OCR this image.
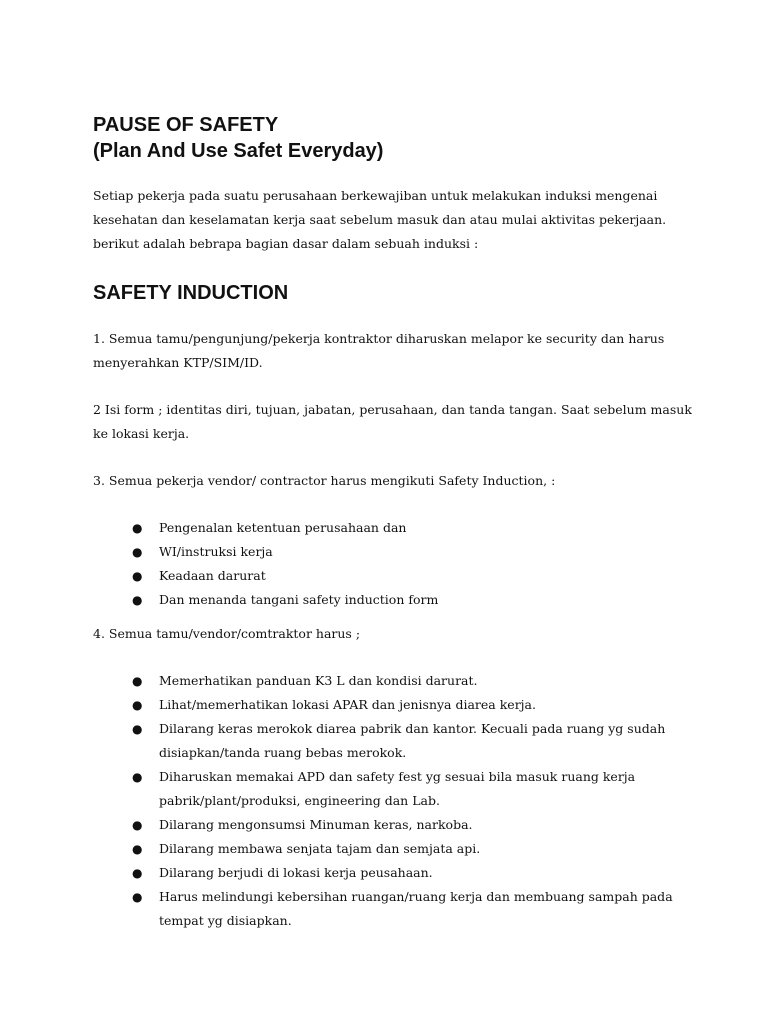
PAUSE OF SAFETY
(Plan And Use Safet Everyday)

Setiap pekerja pada suatu perusahaan berkewajiban untuk melakukan induksi mengenai kesehatan dan keselamatan kerja saat sebelum masuk dan atau mulai aktivitas pekerjaan. berikut adalah bebrapa bagian dasar dalam sebuah induksi :

SAFETY INDUCTION

1. Semua tamu/pengunjung/pekerja kontraktor diharuskan melapor ke security dan harus menyerahkan KTP/SIM/ID.

2 Isi form ; identitas diri, tujuan, jabatan, perusahaan, dan tanda tangan. Saat sebelum masuk ke lokasi kerja.

3. Semua pekerja vendor/ contractor harus mengikuti Safety Induction, :

● Pengenalan ketentuan perusahaan dan
● WI/instruksi kerja
● Keadaan darurat
● Dan menanda tangani safety induction form

4. Semua tamu/vendor/comtraktor harus ;

● Memerhatikan panduan K3 L dan kondisi darurat.
● Lihat/memerhatikan lokasi APAR dan jenisnya diarea kerja.
● Dilarang keras merokok diarea pabrik dan kantor. Kecuali pada ruang yg sudah disiapkan/tanda ruang bebas merokok.
● Diharuskan memakai APD dan safety fest yg sesuai bila masuk ruang kerja pabrik/plant/produksi, engineering dan Lab.
● Dilarang mengonsumsi Minuman keras, narkoba.
● Dilarang membawa senjata tajam dan semjata api.
● Dilarang berjudi di lokasi kerja peusahaan.
● Harus melindungi kebersihan ruangan/ruang kerja dan membuang sampah pada tempat yg disiapkan.
